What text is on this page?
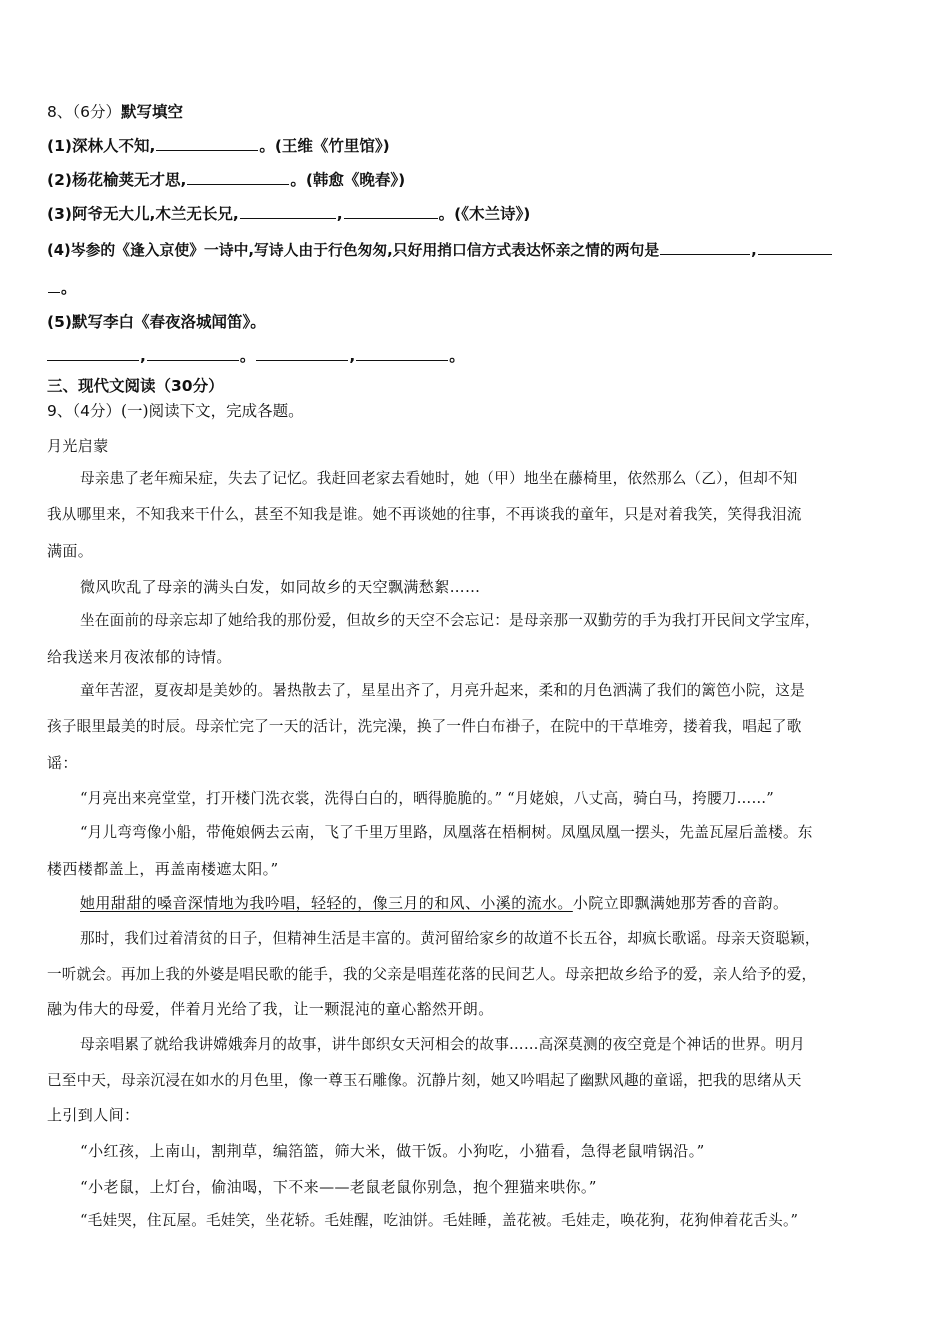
8、（6分）默写填空
(1)深林人不知,	。(王维《竹里馆》)
(2)杨花榆荚无才思,	。(韩愈《晚春》)
(3)阿爷无大儿,木兰无长兄,	,	。(《木兰诗》)
(4)岑参的《逢入京使》一诗中,写诗人由于行色匆匆,只好用捎口信方式表达怀亲之情的两句是	,
。
(5)默写李白《春夜洛城闻笛》。
,	。	,	。
三、现代文阅读（30分）
9、（4分）(一)阅读下文，完成各题。
月光启蒙
母亲患了老年痴呆症，失去了记忆。我赶回老家去看她时，她（甲）地坐在藤椅里，依然那么（乙），但却不知
我从哪里来，不知我来干什么，甚至不知我是谁。她不再谈她的往事，不再谈我的童年，只是对着我笑，笑得我泪流
满面。
微风吹乱了母亲的满头白发，如同故乡的天空飘满愁絮……
坐在面前的母亲忘却了她给我的那份爱，但故乡的天空不会忘记：是母亲那一双勤劳的手为我打开民间文学宝库，
给我送来月夜浓郁的诗情。
童年苦涩，夏夜却是美妙的。暑热散去了，星星出齐了，月亮升起来，柔和的月色洒满了我们的篱笆小院，这是
孩子眼里最美的时辰。母亲忙完了一天的活计，洗完澡，换了一件白布褂子，在院中的干草堆旁，搂着我，唱起了歌
谣：
“月亮出来亮堂堂，打开楼门洗衣裳，洗得白白的，晒得脆脆的。” “月姥娘，八丈高，骑白马，挎腰刀……”
“月儿弯弯像小船，带俺娘俩去云南，飞了千里万里路，凤凰落在梧桐树。凤凰凤凰一摆头，先盖瓦屋后盖楼。东
楼西楼都盖上，再盖南楼遮太阳。”
她用甜甜的嗓音深情地为我吟唱，轻轻的，像三月的和风、小溪的流水。小院立即飘满她那芳香的音韵。
那时，我们过着清贫的日子，但精神生活是丰富的。黄河留给家乡的故道不长五谷，却疯长歌谣。母亲天资聪颖，
一听就会。再加上我的外婆是唱民歌的能手，我的父亲是唱莲花落的民间艺人。母亲把故乡给予的爱，亲人给予的爱，
融为伟大的母爱，伴着月光给了我，让一颗混沌的童心豁然开朗。
母亲唱累了就给我讲嫦娥奔月的故事，讲牛郎织女天河相会的故事……高深莫测的夜空竟是个神话的世界。明月
已至中天，母亲沉浸在如水的月色里，像一尊玉石雕像。沉静片刻，她又吟唱起了幽默风趣的童谣，把我的思绪从天
上引到人间：
“小红孩，上南山，割荆草，编箔篮，筛大米，做干饭。小狗吃，小猫看，急得老鼠啃锅沿。”
“小老鼠，上灯台，偷油喝，下不来——老鼠老鼠你别急，抱个狸猫来哄你。”
“毛娃哭，住瓦屋。毛娃笑，坐花轿。毛娃醒，吃油饼。毛娃睡，盖花被。毛娃走，唤花狗，花狗伸着花舌头。”
